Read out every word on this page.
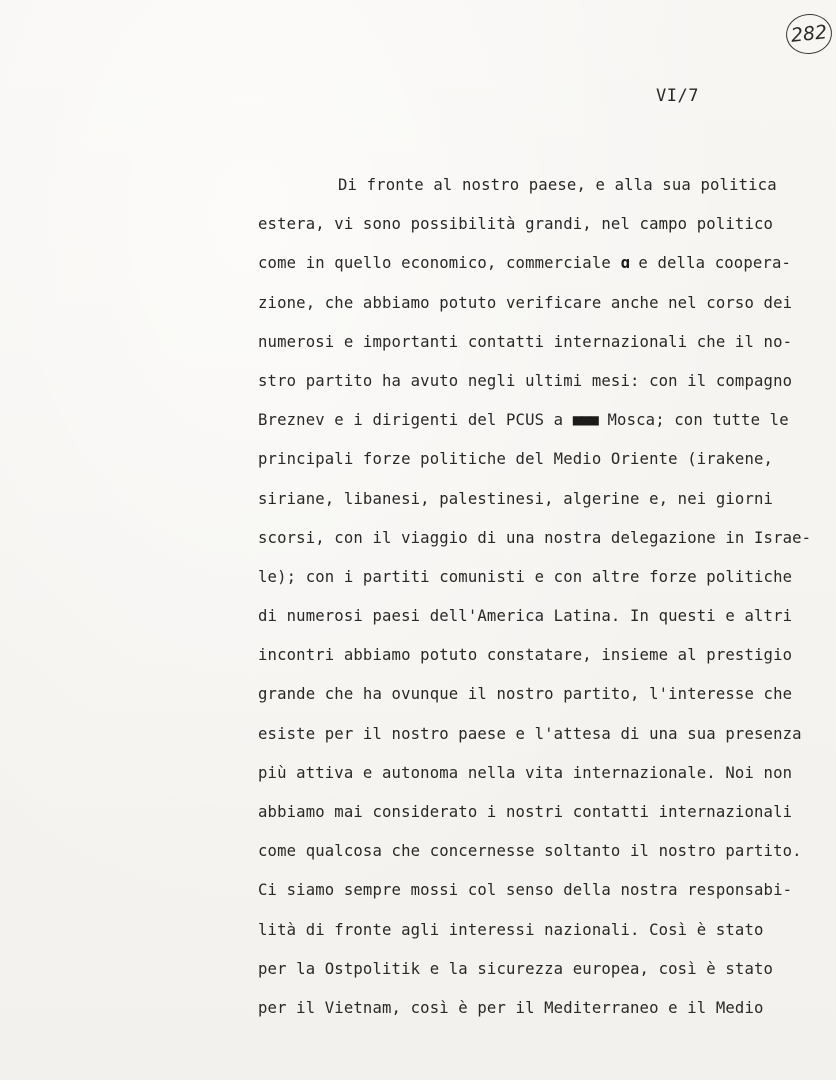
282
VI/7
Di fronte al nostro paese, e alla sua politica
estera, vi sono possibilità grandi, nel campo politico
come in quello economico, commerciale ɑ e della coopera-
zione, che abbiamo potuto verificare anche nel corso dei
numerosi e importanti contatti internazionali che il no-
stro partito ha avuto negli ultimi mesi: con il compagno
Breznev e i dirigenti del PCUS a ■■■ Mosca; con tutte le
principali forze politiche del Medio Oriente (irakene,
siriane, libanesi, palestinesi, algerine e, nei giorni
scorsi, con il viaggio di una nostra delegazione in Israe-
le); con i partiti comunisti e con altre forze politiche
di numerosi paesi dell'America Latina. In questi e altri
incontri abbiamo potuto constatare, insieme al prestigio
grande che ha ovunque il nostro partito, l'interesse che
esiste per il nostro paese e l'attesa di una sua presenza
più attiva e autonoma nella vita internazionale. Noi non
abbiamo mai considerato i nostri contatti internazionali
come qualcosa che concernesse soltanto il nostro partito.
Ci siamo sempre mossi col senso della nostra responsabi-
lità di fronte agli interessi nazionali. Così è stato
per la Ostpolitik e la sicurezza europea, così è stato
per il Vietnam, così è per il Mediterraneo e il Medio
